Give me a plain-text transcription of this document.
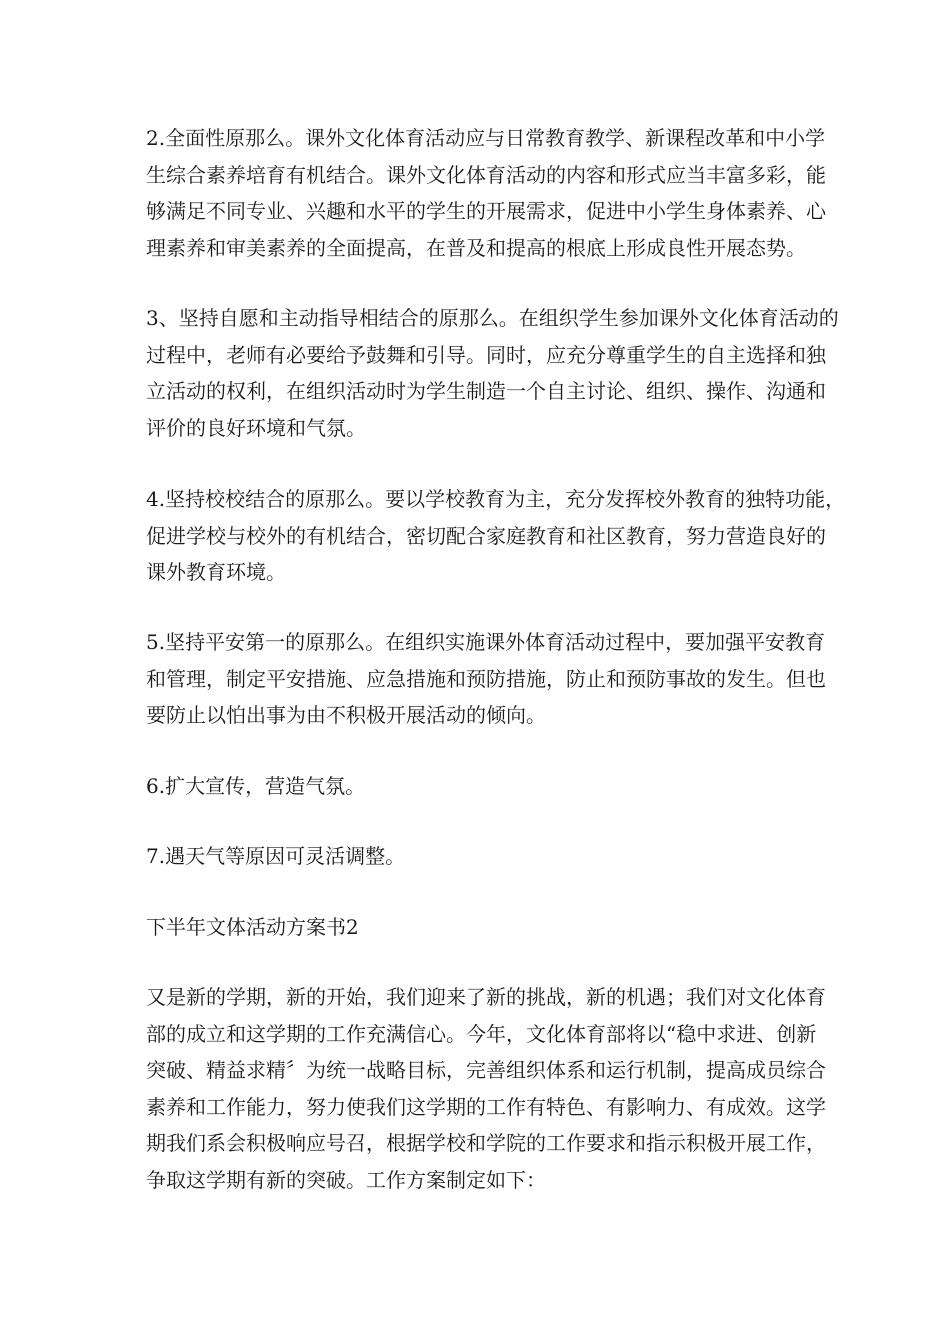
2.全面性原那么。课外文化体育活动应与日常教育教学、新课程改革和中小学
生综合素养培育有机结合。课外文化体育活动的内容和形式应当丰富多彩，能
够满足不同专业、兴趣和水平的学生的开展需求，促进中小学生身体素养、心
理素养和审美素养的全面提高，在普及和提高的根底上形成良性开展态势。

3、坚持自愿和主动指导相结合的原那么。在组织学生参加课外文化体育活动的
过程中，老师有必要给予鼓舞和引导。同时，应充分尊重学生的自主选择和独
立活动的权利，在组织活动时为学生制造一个自主讨论、组织、操作、沟通和
评价的良好环境和气氛。

4.坚持校校结合的原那么。要以学校教育为主，充分发挥校外教育的独特功能，
促进学校与校外的有机结合，密切配合家庭教育和社区教育，努力营造良好的
课外教育环境。

5.坚持平安第一的原那么。在组织实施课外体育活动过程中，要加强平安教育
和管理，制定平安措施、应急措施和预防措施，防止和预防事故的发生。但也
要防止以怕出事为由不积极开展活动的倾向。

6.扩大宣传，营造气氛。

7.遇天气等原因可灵活调整。

下半年文体活动方案书2

又是新的学期，新的开始，我们迎来了新的挑战，新的机遇；我们对文化体育
部的成立和这学期的工作充满信心。今年，文化体育部将以“稳中求进、创新
突破、精益求精〞为统一战略目标，完善组织体系和运行机制，提高成员综合
素养和工作能力，努力使我们这学期的工作有特色、有影响力、有成效。这学
期我们系会积极响应号召，根据学校和学院的工作要求和指示积极开展工作，
争取这学期有新的突破。工作方案制定如下：
